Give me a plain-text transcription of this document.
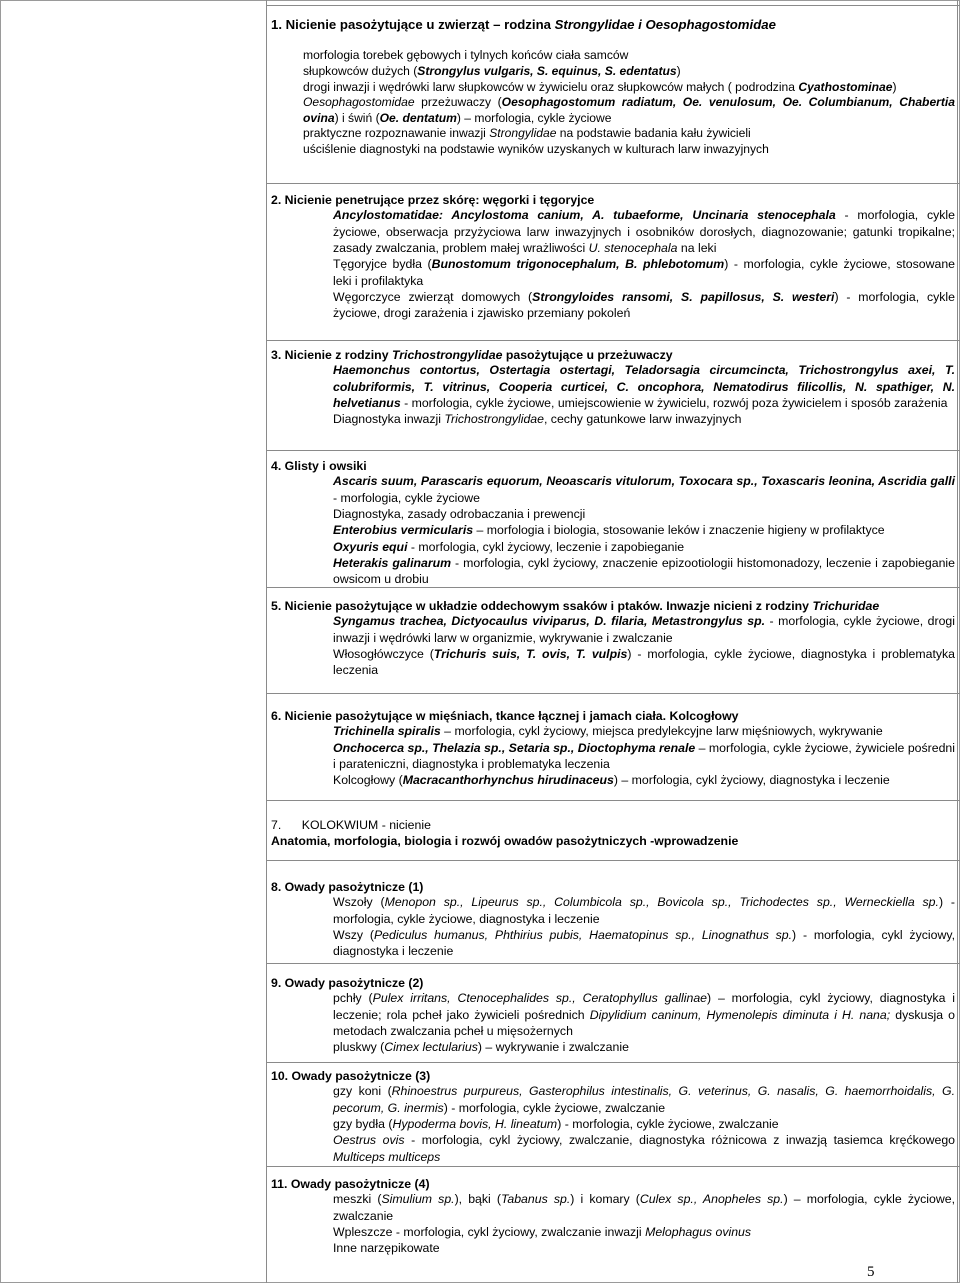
1. Nicienie pasożytujące u zwierząt – rodzina Strongylidae i Oesophagostomidae
morfologia torebek gębowych i tylnych końców ciała samców
słupkowców dużych (Strongylus vulgaris, S. equinus, S. edentatus)
drogi inwazji i wędrówki larw słupkowców w żywicielu oraz słupkowców małych ( podrodzina Cyathostominae)
Oesophagostomidae przeżuwaczy (Oesophagostomum radiatum, Oe. venulosum, Oe. Columbianum, Chabertia ovina) i świń (Oe. dentatum) – morfologia, cykle życiowe
praktyczne rozpoznawanie inwazji Strongylidae na podstawie badania kału żywicieli
uściślenie diagnostyki na podstawie wyników uzyskanych w kulturach larw inwazyjnych
2. Nicienie penetrujące przez skórę: węgorki i tęgoryjce
Ancylostomatidae: Ancylostoma canium, A. tubaeforme, Uncinaria stenocephala - morfologia, cykle życiowe, obserwacja przyżyciowa larw inwazyjnych i osobników dorosłych, diagnozowanie; gatunki tropikalne; zasady zwalczania, problem małej wrażliwości U. stenocephala na leki
Tęgoryjce bydła (Bunostomum trigonocephalum, B. phlebotomum) - morfologia, cykle życiowe, stosowane leki i profilaktyka
Węgorczyce zwierząt domowych (Strongyloides ransomi, S. papillosus, S. westeri) - morfologia, cykle życiowe, drogi zarażenia i zjawisko przemiany pokoleń
3. Nicienie z rodziny Trichostrongylidae pasożytujące u przeżuwaczy
Haemonchus contortus, Ostertagia ostertagi, Teladorsagia circumcincta, Trichostrongylus axei, T. colubriformis, T. vitrinus, Cooperia curticei, C. oncophora, Nematodirus filicollis, N. spathiger, N. helvetianus - morfologia, cykle życiowe, umiejscowienie w żywicielu, rozwój poza żywicielem i sposób zarażenia
Diagnostyka inwazji Trichostrongylidae, cechy gatunkowe larw inwazyjnych
4. Glisty i owsiki
Ascaris suum, Parascaris equorum, Neoascaris vitulorum, Toxocara sp., Toxascaris leonina, Ascridia galli - morfologia, cykle życiowe
Diagnostyka, zasady odrobaczania i prewencji
Enterobius vermicularis – morfologia i biologia, stosowanie leków i znaczenie higieny w profilaktyce
Oxyuris equi - morfologia, cykl życiowy, leczenie i zapobieganie
Heterakis galinarum - morfologia, cykl życiowy, znaczenie epizootiologii histomonadozy, leczenie i zapobieganie owsicom u drobiu
5. Nicienie pasożytujące w układzie oddechowym ssaków i ptaków. Inwazje nicieni z rodziny Trichuridae
Syngamus trachea, Dictyocaulus viviparus, D. filaria, Metastrongylus sp. - morfologia, cykle życiowe, drogi inwazji i wędrówki larw w organizmie, wykrywanie i zwalczanie
Włosogłówczyce (Trichuris suis, T. ovis, T. vulpis) - morfologia, cykle życiowe, diagnostyka i problematyka leczenia
6. Nicienie pasożytujące w mięśniach, tkance łącznej i jamach ciała. Kolcogłowy
Trichinella spiralis – morfologia, cykl życiowy, miejsca predylekcyjne larw mięśniowych, wykrywanie
Onchocerca sp., Thelazia sp., Setaria sp., Dioctophyma renale – morfologia, cykle życiowe, żywiciele pośredni i parateniczni, diagnostyka i problematyka leczenia
Kolcogłowy (Macracanthorhynchus hirudinaceus) – morfologia, cykl życiowy, diagnostyka i leczenie
7.      KOLOKWIUM - nicienie
Anatomia, morfologia, biologia i rozwój owadów pasożytniczych -wprowadzenie
8. Owady pasożytnicze (1)
Wszoły (Menopon sp., Lipeurus sp., Columbicola sp., Bovicola sp., Trichodectes sp., Werneckiella sp.) - morfologia, cykle życiowe, diagnostyka i leczenie
Wszy (Pediculus humanus, Phthirius pubis, Haematopinus sp., Linognathus sp.) - morfologia, cykl życiowy, diagnostyka i leczenie
9. Owady pasożytnicze (2)
pchły (Pulex irritans, Ctenocephalides sp., Ceratophyllus gallinae) – morfologia, cykl życiowy, diagnostyka i leczenie; rola pcheł jako żywicieli pośrednich Dipylidium caninum, Hymenolepis diminuta i H. nana; dyskusja o metodach zwalczania pcheł u mięsożernych
pluskwy (Cimex lectularius) – wykrywanie i zwalczanie
10. Owady pasożytnicze (3)
gzy koni (Rhinoestrus purpureus, Gasterophilus intestinalis, G. veterinus, G. nasalis, G. haemorrhoidalis, G. pecorum, G. inermis) - morfologia, cykle życiowe, zwalczanie
gzy bydła (Hypoderma bovis, H. lineatum) - morfologia, cykle życiowe, zwalczanie
Oestrus ovis - morfologia, cykl życiowy, zwalczanie, diagnostyka różnicowa z inwazją tasiemca kręćkowego Multiceps multiceps
11. Owady pasożytnicze (4)
meszki (Simulium sp.), bąki (Tabanus sp.) i komary (Culex sp., Anopheles sp.) – morfologia, cykle życiowe, zwalczanie
Wpleszcze - morfologia, cykl życiowy, zwalczanie inwazji Melophagus ovinus
Inne narzępikowate
5
